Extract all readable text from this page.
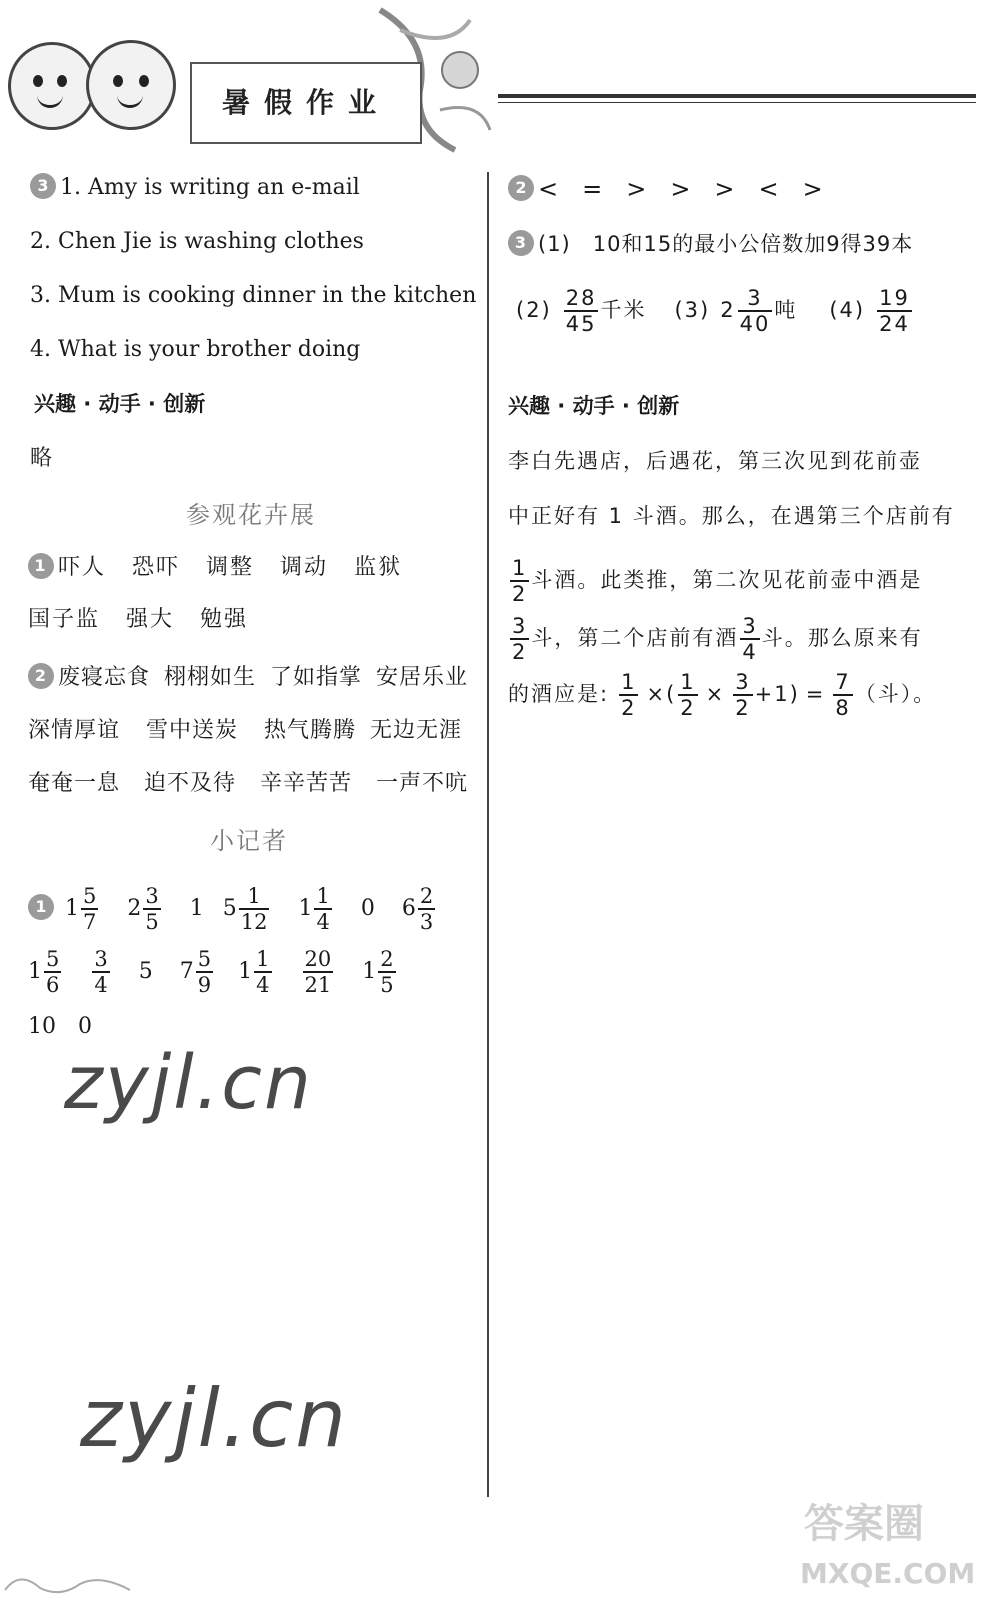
暑假作业
3 1. Amy is writing an e-mail
2. Chen Jie is washing clothes
3. Mum is cooking dinner in the kitchen
4. What is your brother doing
兴趣 · 动手 · 创新
略
参观花卉展
1 吓人 恐吓 调整 调动 监狱
国子监 强大 勉强
2 废寝忘食 栩栩如生 了如指掌 安居乐业
深情厚谊 雪中送炭 热气腾腾 无边无涯
奄奄一息 迫不及待 辛辛苦苦 一声不吭
小记者
1 $1 \frac{5}{7} 2 \frac{3}{5} 1$ $5 \frac{1}{12} 1 \frac{1}{4} 0$ $6 \frac{2}{3}$
$1 \frac{5}{6}$
$\frac{3}{4} 5$ $7 \frac{5}{9} 1 \frac{1}{4}$
$\frac{20}{21} 1 \frac{2}{5}$
10　0
zyjl.cn
zyjl.cn
2 <　=　>　>　>　<　>
3 (1)　10和15的最小公倍数加9得39本
$(2) \frac{28}{45}$ 千米 (3) $2 \frac{3}{40}$ 吨 $(4) \frac{19}{24}$
兴趣 · 动手 · 创新
李白先遇店，后遇花，第三次见到花前壶
中正好有 1 斗酒。那么，在遇第三个店前有
$\frac{1}{2}$ 斗酒。此类推，第二次见花前壶中酒是
$\frac{3}{2}$ 斗，第二个店前有酒 $\frac{3}{4}$ 斗。那么原来有
的酒应是: $\frac{1}{2}$ ×( $\frac{1}{2} \times \frac{3}{2} +1) = \frac{7}{8}$ （斗）。
答案圈
MXQE.COM
